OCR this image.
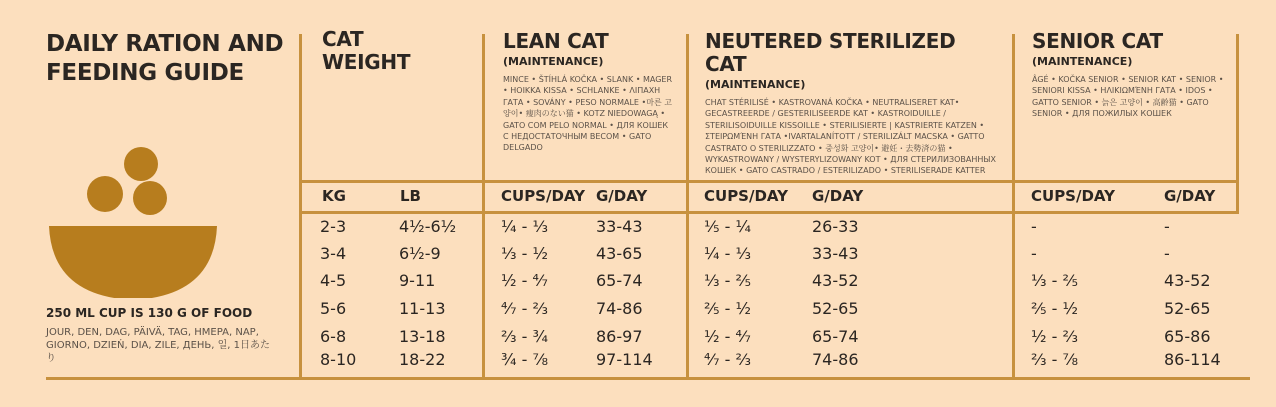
DAILY RATION AND
FEEDING GUIDE
250 ML CUP IS 130 G OF FOOD
JOUR, DEN, DAG, PÄIVÄ, TAG, HMEPA, NAP, GIORNO, DZIEŃ, DIA, ZILE, ДЕНЬ, 일, 1日あたり
CAT
WEIGHT
LEAN CAT
(MAINTENANCE)
MINCE • ŠTÍHLÁ KOČKA • SLANK • MAGER • HOIKKA KISSA • SCHLANKE • ΛΙΠΑΧΗ ΓΑΤΑ • SOVÁNY • PESO NORMALE •마른 고양이• 痩肉のない猫 • KOTZ NIEDOWAGĄ • GATO COM PELO NORMAL • ДЛЯ КОШЕК С НЕДОСТАТОЧНЫМ ВЕСОМ • GATO DELGADO
NEUTERED STERILIZED CAT
(MAINTENANCE)
CHAT STÉRILISÉ • KASTROVANÁ KOČKA • NEUTRALISERET KAT• GECASTREERDE / GESTERILISEERDE KAT • KASTROIDUILLE / STERILISOIDUILLE KISSOILLE • STERILISIERTE | KASTRIERTE KATZEN • ΣΤΕΙΡΩΜΈΝΗ ΓΑΤΑ •IVARTALANÍTOTT / STERILIZÁLT MACSKA • GATTO CASTRATO O STERILIZZATO • 중성화 고양이• 避妊・去勢済の猫 • WYKASTROWANY / WYSTERYLIZOWANY KOT • ДЛЯ СТЕРИЛИЗОВАННЫХ КОШЕК • GATO CASTRADO / ESTERILIZADO • STERILISERADE KATTER
SENIOR CAT
(MAINTENANCE)
ÂGÉ • KOČKA SENIOR • SENIOR KAT • SENIOR • SENIORI KISSA • ΗΛΙΚΙΩΜΈΝΗ ΓΑΤΑ • IDOS • GATTO SENIOR • 늙은 고양이 • 高齢猫 • GATO SENIOR • ДЛЯ ПОЖИЛЫХ КОШЕК
KG	LB	CUPS/DAY G/DAY	CUPS/DAY G/DAY	CUPS/DAY	G/DAY
2-3	4½-6½	¼ - ⅓	33-43	⅕ - ¼	26-33	-	-
3-4	6½-9	⅓ - ½	43-65	¼ - ⅓	33-43	-	-
4-5	9-11	½ - ⁴⁄₇	65-74	⅓ - ⅖	43-52	⅓ - ⅖	43-52
5-6	11-13	⁴⁄₇ - ⅔	74-86	⅖ - ½	52-65	⅖ - ½	52-65
6-8	13-18	⅔ - ¾	86-97	½ - ⁴⁄₇	65-74	½ - ⅔	65-86
8-10	18-22	¾ - ⅞	97-114	⁴⁄₇ - ⅔	74-86	⅔ - ⅞	86-114
